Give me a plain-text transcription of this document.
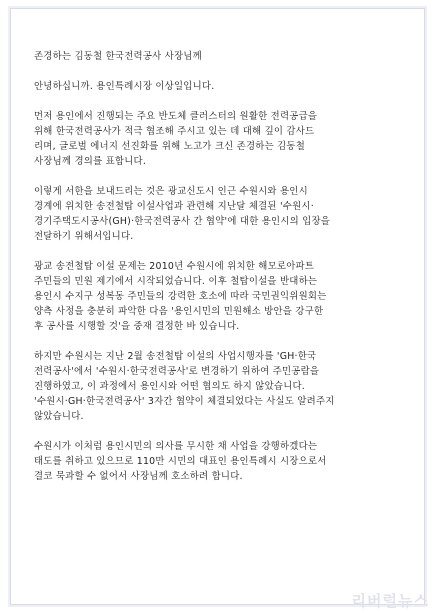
존경하는 김동철 한국전력공사 사장님께
안녕하십니까. 용인특례시장 이상일입니다.
먼저 용인에서 진행되는 주요 반도체 클러스터의 원활한 전력공급을
위해 한국전력공사가 적극 협조해 주시고 있는 데 대해 깊이 감사드
리며, 글로벌 에너지 선진화를 위해 노고가 크신 존경하는 김동철
사장님께 경의를 표합니다.
이렇게 서한을 보내드리는 것은 광교신도시 인근 수원시와 용인시
경계에 위치한 송전철탑 이설사업과 관련해 지난달 체결된 '수원시·
경기주택도시공사(GH)·한국전력공사 간 협약'에 대한 용인시의 입장을
전달하기 위해서입니다.
광교 송전철탑 이설 문제는 2010년 수원시에 위치한 해모로아파트
주민들의 민원 제기에서 시작되었습니다. 이후 철탑이설을 반대하는
용인시 수지구 성복동 주민들의 강력한 호소에 따라 국민권익위원회는
양측 사정을 충분히 파악한 다음 '용인시민의 민원해소 방안을 강구한
후 공사를 시행할 것'을 중재 결정한 바 있습니다.
하지만 수원시는 지난 2월 송전철탑 이설의 사업시행자를 'GH·한국
전력공사'에서 '수원시·한국전력공사'로 변경하기 위하여 주민공람을
진행하였고, 이 과정에서 용인시와 어떤 협의도 하지 않았습니다.
'수원시·GH·한국전력공사' 3자간 협약이 체결되었다는 사실도 알려주지
않았습니다.
수원시가 이처럼 용인시민의 의사를 무시한 채 사업을 강행하겠다는
태도를 취하고 있으므로 110만 시민의 대표인 용인특례시 시장으로서
결코 묵과할 수 없어서 사장님께 호소하려 합니다.
리버럴뉴스
